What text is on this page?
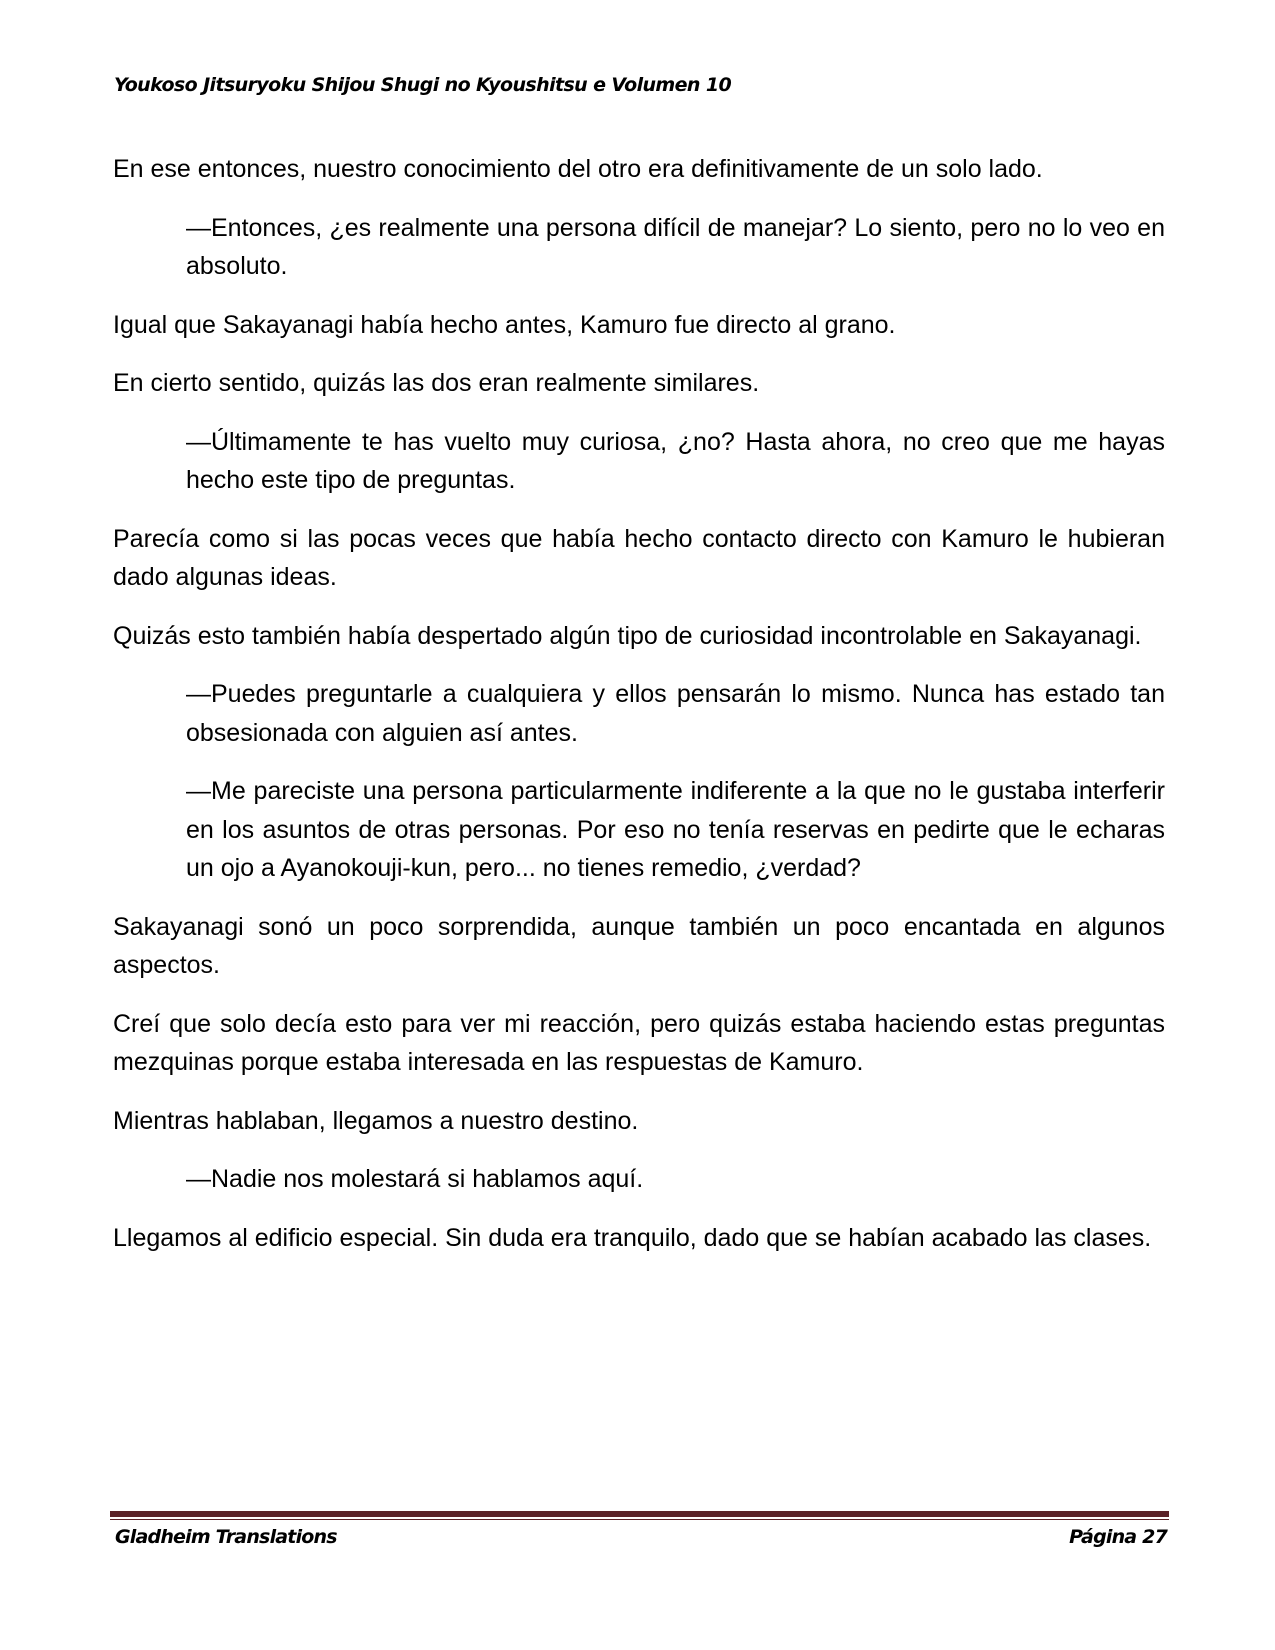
Youkoso Jitsuryoku Shijou Shugi no Kyoushitsu e Volumen 10

En ese entonces, nuestro conocimiento del otro era definitivamente de un solo lado.

—Entonces, ¿es realmente una persona difícil de manejar? Lo siento, pero no lo veo en absoluto.

Igual que Sakayanagi había hecho antes, Kamuro fue directo al grano.

En cierto sentido, quizás las dos eran realmente similares.

—Últimamente te has vuelto muy curiosa, ¿no? Hasta ahora, no creo que me hayas hecho este tipo de preguntas.

Parecía como si las pocas veces que había hecho contacto directo con Kamuro le hubieran dado algunas ideas.

Quizás esto también había despertado algún tipo de curiosidad incontrolable en Sakayanagi.

—Puedes preguntarle a cualquiera y ellos pensarán lo mismo. Nunca has estado tan obsesionada con alguien así antes.

—Me pareciste una persona particularmente indiferente a la que no le gustaba interferir en los asuntos de otras personas. Por eso no tenía reservas en pedirte que le echaras un ojo a Ayanokouji-kun, pero... no tienes remedio, ¿verdad?

Sakayanagi sonó un poco sorprendida, aunque también un poco encantada en algunos aspectos.

Creí que solo decía esto para ver mi reacción, pero quizás estaba haciendo estas preguntas mezquinas porque estaba interesada en las respuestas de Kamuro.

Mientras hablaban, llegamos a nuestro destino.

—Nadie nos molestará si hablamos aquí.

Llegamos al edificio especial. Sin duda era tranquilo, dado que se habían acabado las clases.

Gladheim Translations	Página 27
